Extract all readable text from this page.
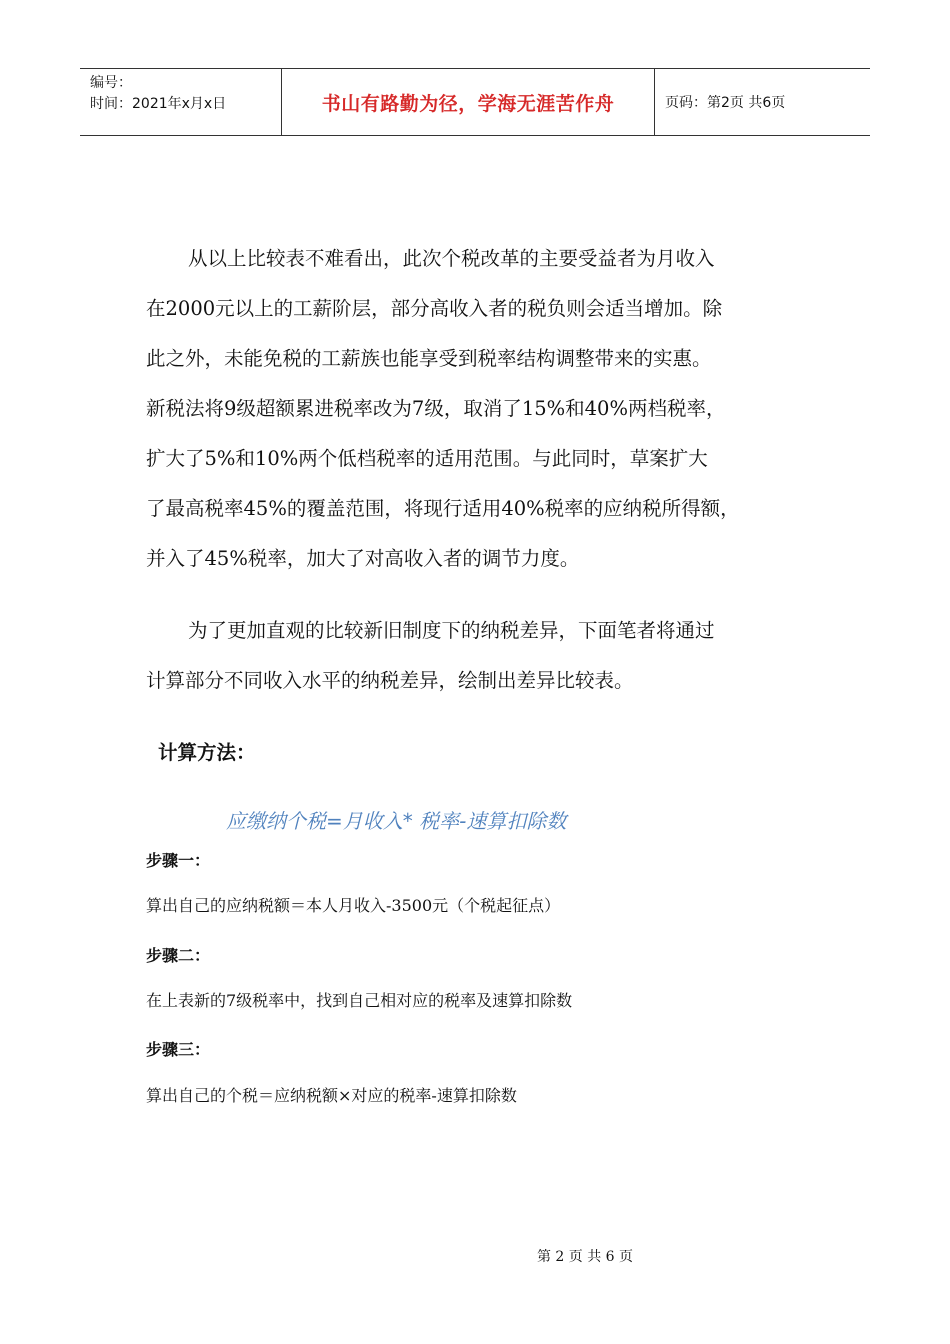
编号：
时间：2021年x月x日	书山有路勤为径，学海无涯苦作舟	页码：第2页 共6页
从以上比较表不难看出，此次个税改革的主要受益者为月收入
在2000元以上的工薪阶层，部分高收入者的税负则会适当增加。除
此之外，未能免税的工薪族也能享受到税率结构调整带来的实惠。
新税法将9级超额累进税率改为7级，取消了15%和40%两档税率，
扩大了5%和10%两个低档税率的适用范围。与此同时，草案扩大
了最高税率45%的覆盖范围，将现行适用40%税率的应纳税所得额，
并入了45%税率，加大了对高收入者的调节力度。
为了更加直观的比较新旧制度下的纳税差异，下面笔者将通过
计算部分不同收入水平的纳税差异，绘制出差异比较表。
计算方法：
应缴纳个税=月收入* 税率-速算扣除数
步骤一：
算出自己的应纳税额＝本人月收入-3500元（个税起征点）
步骤二：
在上表新的7级税率中，找到自己相对应的税率及速算扣除数
步骤三：
算出自己的个税＝应纳税额×对应的税率-速算扣除数
第 2 页 共 6 页
